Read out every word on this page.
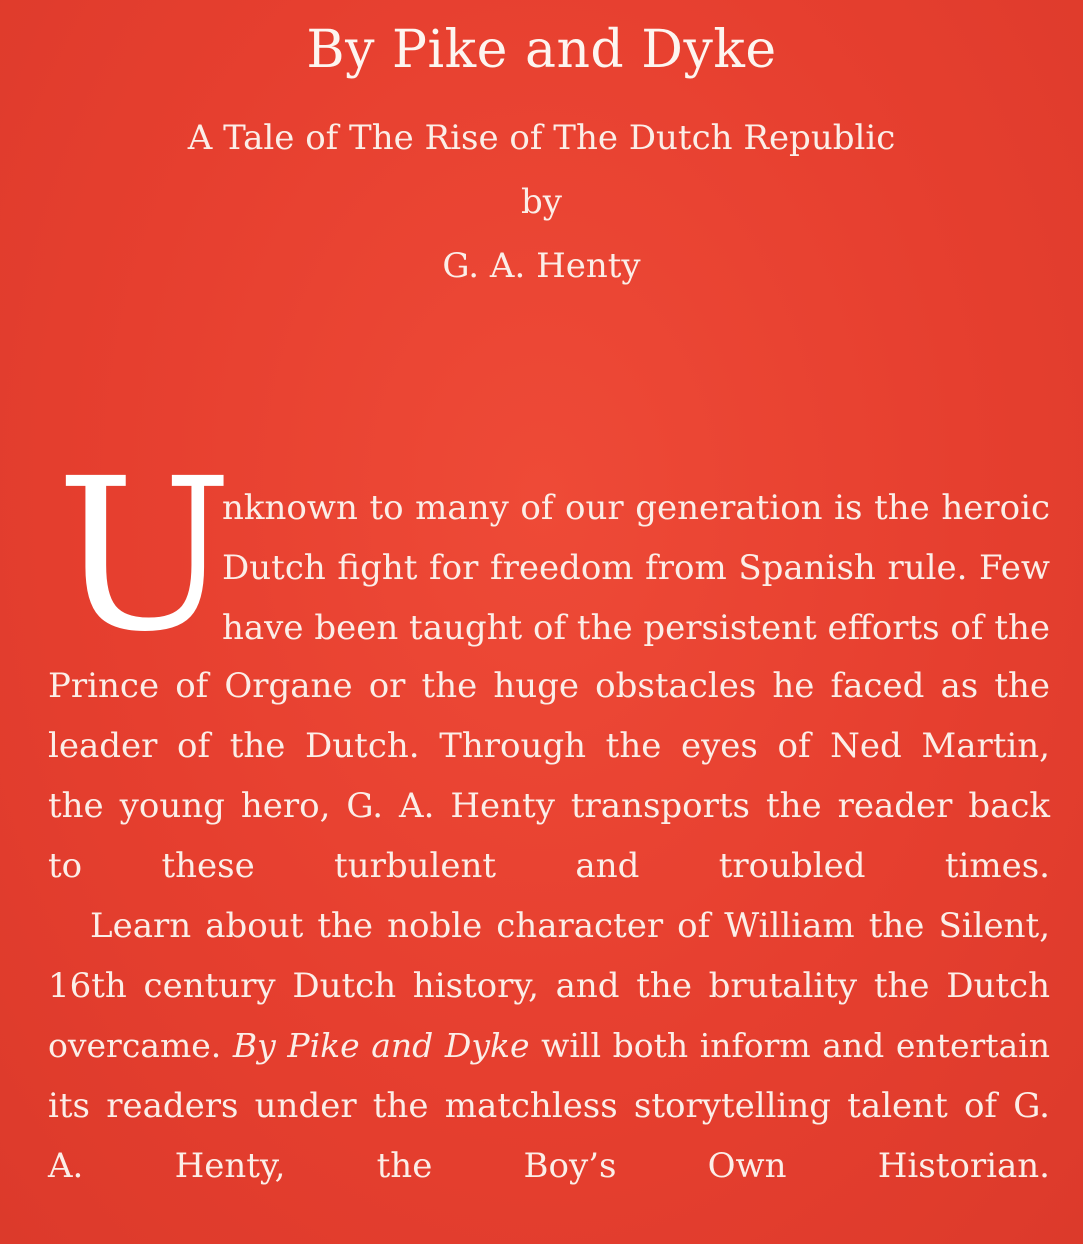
By Pike and Dyke
A Tale of The Rise of The Dutch Republic
by
G. A. Henty
U
nknown to many of our generation is the heroic
Dutch fight for freedom from Spanish rule. Few
have been taught of the persistent efforts of the
Prince of Organe or the huge obstacles he faced as the
leader of the Dutch. Through the eyes of Ned Martin,
the young hero, G. A. Henty transports the reader back
to these turbulent and troubled times.
Learn about the noble character of William the Silent,
16th century Dutch history, and the brutality the Dutch
overcame. By Pike and Dyke will both inform and entertain
its readers under the matchless storytelling talent of G.
A. Henty, the Boy’s Own Historian.
